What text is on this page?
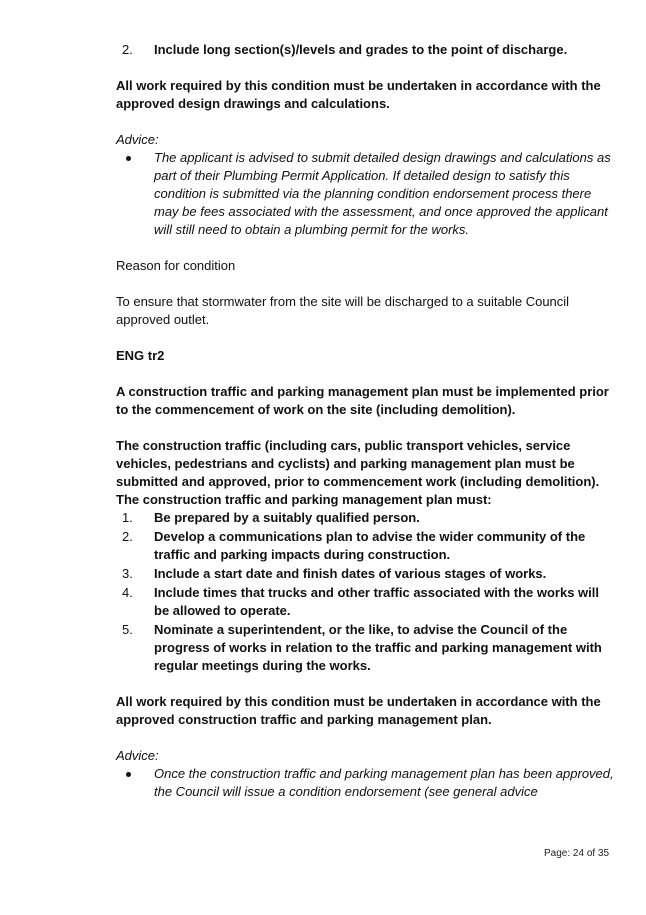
2. Include long section(s)/levels and grades to the point of discharge.

All work required by this condition must be undertaken in accordance with the approved design drawings and calculations.

Advice:

The applicant is advised to submit detailed design drawings and calculations as part of their Plumbing Permit Application. If detailed design to satisfy this condition is submitted via the planning condition endorsement process there may be fees associated with the assessment, and once approved the applicant will still need to obtain a plumbing permit for the works.

Reason for condition

To ensure that stormwater from the site will be discharged to a suitable Council approved outlet.

ENG tr2

A construction traffic and parking management plan must be implemented prior to the commencement of work on the site (including demolition).

The construction traffic (including cars, public transport vehicles, service vehicles, pedestrians and cyclists) and parking management plan must be submitted and approved, prior to commencement work (including demolition). The construction traffic and parking management plan must:

1. Be prepared by a suitably qualified person.
2. Develop a communications plan to advise the wider community of the traffic and parking impacts during construction.
3. Include a start date and finish dates of various stages of works.
4. Include times that trucks and other traffic associated with the works will be allowed to operate.
5. Nominate a superintendent, or the like, to advise the Council of the progress of works in relation to the traffic and parking management with regular meetings during the works.

All work required by this condition must be undertaken in accordance with the approved construction traffic and parking management plan.

Advice:

Once the construction traffic and parking management plan has been approved, the Council will issue a condition endorsement (see general advice
Page: 24 of 35
